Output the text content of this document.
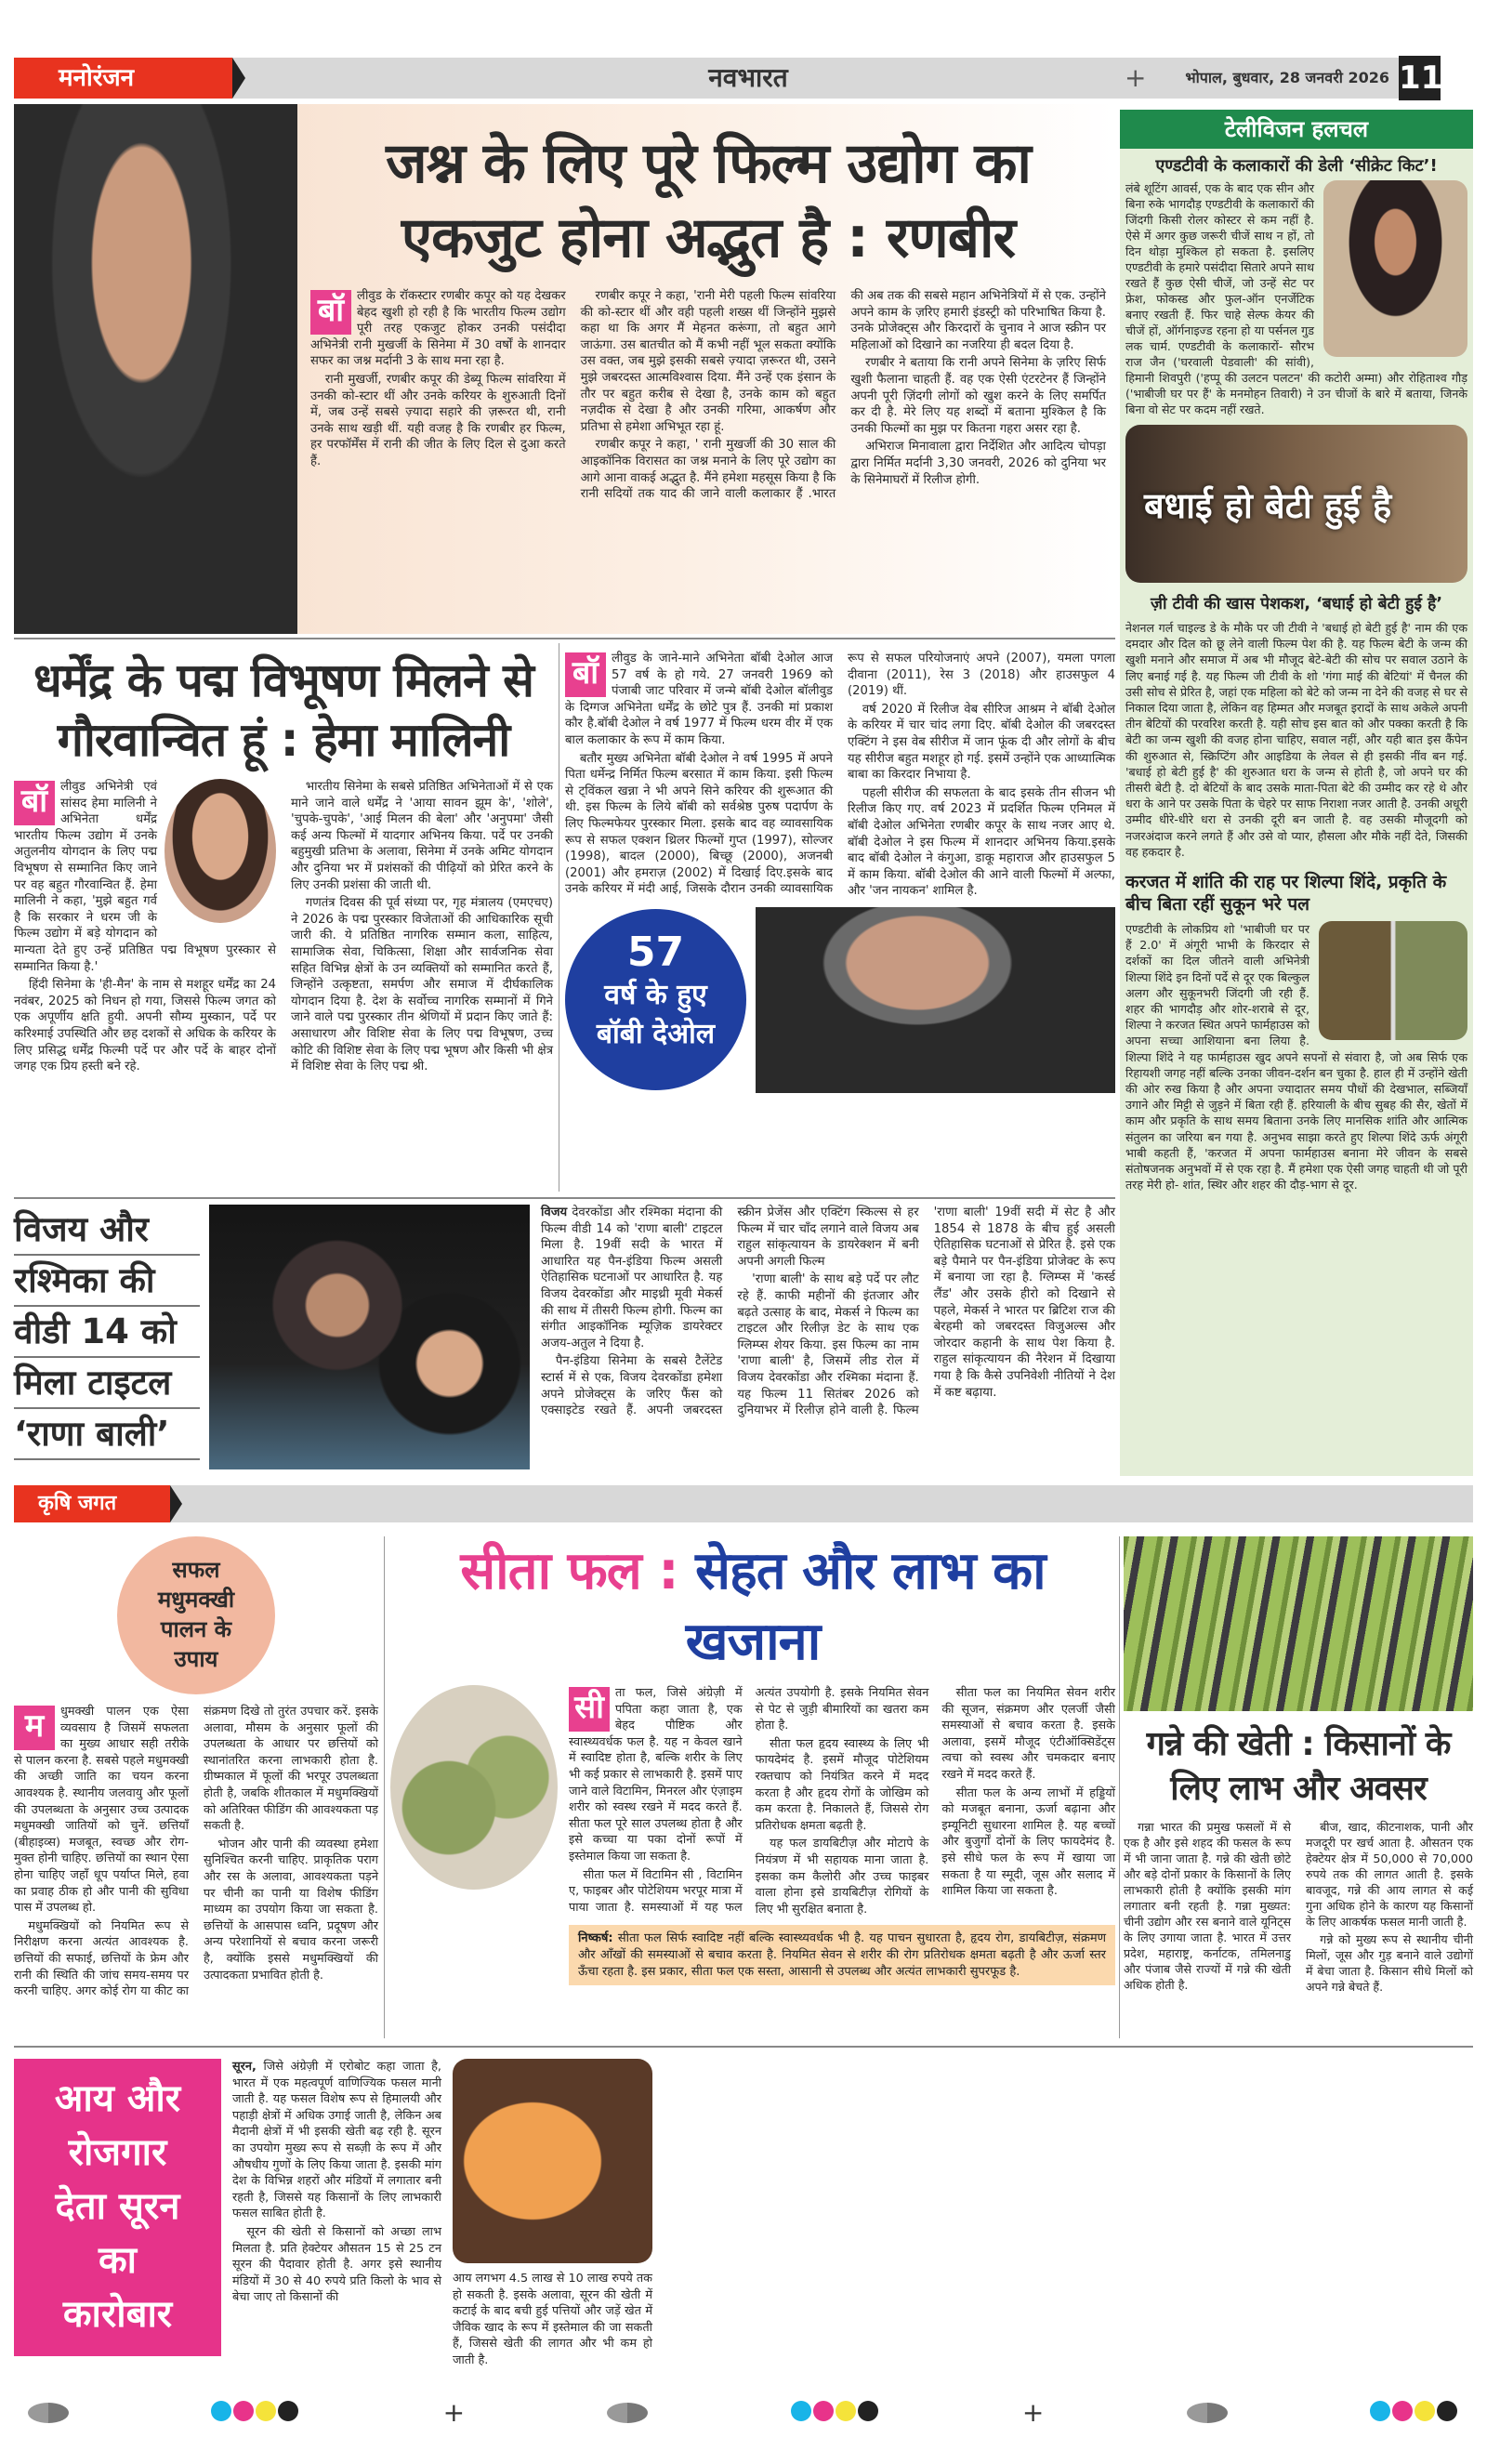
मनोरंजन	नवभारत	+	भोपाल, बुधवार, 28 जनवरी 2026 11
जश्न के लिए पूरे फिल्म उद्योग का
एकजुट होना अद्भुत है : रणबीर
बॉ	लीवुड के रॉकस्टार रणबीर कपूर को यह देखकर बेहद खुशी हो रही है कि भारतीय फिल्म उद्योग पूरी तरह एकजुट होकर उनकी पसंदीदा अभिनेत्री रानी मुखर्जी के सिनेमा में 30 वर्षों के शानदार सफर का जश्न मर्दानी 3 के साथ मना रहा है.

रानी मुखर्जी, रणबीर कपूर की डेब्यू फिल्म सांवरिया में उनकी को-स्टार थीं और उनके करियर के शुरुआती दिनों में, जब उन्हें सबसे ज़्यादा सहारे की ज़रूरत थी, रानी उनके साथ खड़ी थीं. यही वजह है कि रणबीर हर फिल्म, हर परफॉर्मेंस में रानी की जीत के लिए दिल से दुआ करते हैं.

रणबीर कपूर ने कहा, 'रानी मेरी पहली फिल्म सांवरिया की को-स्टार थीं और वही पहली शख्स थीं जिन्होंने मुझसे कहा था कि अगर मैं मेहनत करूंगा, तो बहुत आगे जाऊंगा. उस बातचीत को मैं कभी नहीं भूल सकता क्योंकि उस वक्त, जब मुझे इसकी सबसे ज़्यादा ज़रूरत थी, उसने मुझे जबरदस्त आत्मविश्वास दिया. मैंने उन्हें एक इंसान के तौर पर बहुत करीब से देखा है, उनके काम को बहुत नज़दीक से देखा है और उनकी गरिमा, आकर्षण और प्रतिभा से हमेशा अभिभूत रहा हूं.

रणबीर कपूर ने कहा, ' रानी मुखर्जी की 30 साल की आइकॉनिक विरासत का जश्न मनाने के लिए पूरे उद्योग का आगे आना वाकई अद्भुत है. मैंने हमेशा महसूस किया है कि रानी सदियों तक याद की जाने वाली कलाकार हैं .भारत की अब तक की सबसे महान अभिनेत्रियों में से एक. उन्होंने अपने काम के ज़रिए हमारी इंडस्ट्री को परिभाषित किया है. उनके प्रोजेक्ट्स और किरदारों के चुनाव ने आज स्क्रीन पर महिलाओं को दिखाने का नजरिया ही बदल दिया है.

रणबीर ने बताया कि रानी अपने सिनेमा के ज़रिए सिर्फ खुशी फैलाना चाहती हैं. वह एक ऐसी एंटरटेनर हैं जिन्होंने अपनी पूरी ज़िंदगी लोगों को खुश करने के लिए समर्पित कर दी है. मेरे लिए यह शब्दों में बताना मुश्किल है कि उनकी फिल्मों का मुझ पर कितना गहरा असर रहा है.

अभिराज मिनावाला द्वारा निर्देशित और आदित्य चोपड़ा द्वारा निर्मित मर्दानी 3,30 जनवरी, 2026 को दुनिया भर के सिनेमाघरों में रिलीज होगी.

धर्मेंद्र के पद्म विभूषण मिलने से
गौरवान्वित हूं : हेमा मालिनी
बॉ	लीवुड अभिनेत्री एवं सांसद हेमा मालिनी ने अभिनेता धर्मेंद्र भारतीय फिल्म उद्योग में उनके अतुलनीय योगदान के लिए पद्म विभूषण से सम्मानित किए जाने पर वह बहुत गौरवान्वित हैं. हेमा मालिनी ने कहा, 'मुझे बहुत गर्व है कि सरकार ने धरम जी के फिल्म उद्योग में बड़े योगदान को मान्यता देते हुए उन्हें प्रतिष्ठित पद्म विभूषण पुरस्कार से सम्मानित किया है.'

हिंदी सिनेमा के 'ही-मैन' के नाम से मशहूर धर्मेंद्र का 24 नवंबर, 2025 को निधन हो गया, जिससे फिल्म जगत को एक अपूर्णीय क्षति हुयी. अपनी सौम्य मुस्कान, पर्दे पर करिश्माई उपस्थिति और छह दशकों से अधिक के करियर के लिए प्रसिद्ध धर्मेंद्र फिल्मी पर्दे पर और पर्दे के बाहर दोनों जगह एक प्रिय हस्ती बने रहे.

भारतीय सिनेमा के सबसे प्रतिष्ठित अभिनेताओं में से एक माने जाने वाले धर्मेंद्र ने 'आया सावन झूम के', 'शोले', 'चुपके-चुपके', 'आई मिलन की बेला' और 'अनुपमा' जैसी कई अन्य फिल्मों में यादगार अभिनय किया. पर्दे पर उनकी बहुमुखी प्रतिभा के अलावा, सिनेमा में उनके अमिट योगदान और दुनिया भर में प्रशंसकों की पीढ़ियों को प्रेरित करने के लिए उनकी प्रशंसा की जाती थी.

गणतंत्र दिवस की पूर्व संध्या पर, गृह मंत्रालय (एमएचए) ने 2026 के पद्म पुरस्कार विजेताओं की आधिकारिक सूची जारी की. ये प्रतिष्ठित नागरिक सम्मान कला, साहित्य, सामाजिक सेवा, चिकित्सा, शिक्षा और सार्वजनिक सेवा सहित विभिन्न क्षेत्रों के उन व्यक्तियों को सम्मानित करते हैं, जिन्होंने उत्कृष्टता, समर्पण और समाज में दीर्घकालिक योगदान दिया है. देश के सर्वोच्च नागरिक सम्मानों में गिने जाने वाले पद्म पुरस्कार तीन श्रेणियों में प्रदान किए जाते हैं: असाधारण और विशिष्ट सेवा के लिए पद्म विभूषण, उच्च कोटि की विशिष्ट सेवा के लिए पद्म भूषण और किसी भी क्षेत्र में विशिष्ट सेवा के लिए पद्म श्री.

बॉ	लीवुड के जाने-माने अभिनेता बॉबी देओल आज 57 वर्ष के हो गये. 27 जनवरी 1969 को पंजाबी जाट परिवार में जन्मे बॉबी देओल बॉलीवुड के दिग्गज अभिनेता धर्मेंद्र के छोटे पुत्र हैं. उनकी मां प्रकाश कौर है.बॉबी देओल ने वर्ष 1977 में फिल्म धरम वीर में एक बाल कलाकार के रूप में काम किया.

बतौर मुख्य अभिनेता बॉबी देओल ने वर्ष 1995 में अपने पिता धर्मेन्द्र निर्मित फिल्म बरसात में काम किया. इसी फिल्म से ट्विंकल खन्ना ने भी अपने सिने करियर की शुरूआत की थी. इस फिल्म के लिये बॉबी को सर्वश्रेष्ठ पुरुष पदार्पण के लिए फिल्मफेयर पुरस्कार मिला. इसके बाद वह व्यावसायिक रूप से सफल एक्शन थ्रिलर फिल्मों गुप्त (1997), सोल्जर (1998), बादल (2000), बिच्छू (2000), अजनबी (2001) और हमराज़ (2002) में दिखाई दिए.इसके बाद उनके करियर में मंदी आई, जिसके दौरान उनकी व्यावसायिक रूप से सफल परियोजनाएं अपने (2007), यमला पगला दीवाना (2011), रेस 3 (2018) और हाउसफुल 4 (2019) थीं.

वर्ष 2020 में रिलीज वेब सीरिज आश्रम ने बॉबी देओल के करियर में चार चांद लगा दिए. बॉबी देओल की जबरदस्त एक्टिंग ने इस वेब सीरीज में जान फूंक दी और लोगों के बीच यह सीरीज बहुत मशहूर हो गई. इसमें उन्होंने एक आध्यात्मिक बाबा का किरदार निभाया है.

पहली सीरीज की सफलता के बाद इसके तीन सीजन भी रिलीज किए गए. वर्ष 2023 में प्रदर्शित फिल्म एनिमल में बॉबी देओल अभिनेता रणबीर कपूर के साथ नजर आए थे. बॉबी देओल ने इस फिल्म में शानदार अभिनय किया.इसके बाद बॉबी देओल ने कंगुआ, डाकू महाराज और हाउसफुल 5 में काम किया. बॉबी देओल की आने वाली फिल्मों में अल्फा, और 'जन नायकन' शामिल है.

57
वर्ष के हुए
बॉबी देओल
विजय और
रश्मिका की
वीडी 14 को
मिला टाइटल
‘राणा बाली’

विजय देवरकोंडा और रश्मिका मंदाना की फिल्म वीडी 14 को 'राणा बाली' टाइटल मिला है. 19वीं सदी के भारत में आधारित यह पैन-इंडिया फिल्म असली ऐतिहासिक घटनाओं पर आधारित है. यह विजय देवरकोंडा और माइथ्री मूवी मेकर्स की साथ में तीसरी फिल्म होगी. फिल्म का संगीत आइकॉनिक म्यूज़िक डायरेक्टर अजय-अतुल ने दिया है.

पैन-इंडिया सिनेमा के सबसे टैलेंटेड स्टार्स में से एक, विजय देवरकोंडा हमेशा अपने प्रोजेक्ट्स के जरिए फैंस को एक्साइटेड रखते हैं. अपनी जबरदस्त स्क्रीन प्रेजेंस और एक्टिंग स्किल्स से हर फिल्म में चार चाँद लगाने वाले विजय अब राहुल सांकृत्यायन के डायरेक्शन में बनी अपनी अगली फिल्म

'राणा बाली' के साथ बड़े पर्दे पर लौट रहे हैं. काफी महीनों की इंतजार और बढ़ते उत्साह के बाद, मेकर्स ने फिल्म का टाइटल और रिलीज़ डेट के साथ एक ग्लिम्प्स शेयर किया. इस फिल्म का नाम 'राणा बाली' है, जिसमें लीड रोल में विजय देवरकोंडा और रश्मिका मंदाना हैं. यह फिल्म 11 सितंबर 2026 को दुनियाभर में रिलीज़ होने वाली है. फिल्म 'राणा बाली' 19वीं सदी में सेट है और 1854 से 1878 के बीच हुई असली ऐतिहासिक घटनाओं से प्रेरित है. इसे एक बड़े पैमाने पर पैन-इंडिया प्रोजेक्ट के रूप में बनाया जा रहा है. ग्लिम्प्स में 'कर्स्ड लैंड' और उसके हीरो को दिखाने से पहले, मेकर्स ने भारत पर ब्रिटिश राज की बेरहमी को जबरदस्त विजुअल्स और जोरदार कहानी के साथ पेश किया है. राहुल सांकृत्यायन की नैरेशन में दिखाया गया है कि कैसे उपनिवेशी नीतियों ने देश में कष्ट बढ़ाया.

टेलीविजन हलचल
एण्डटीवी के कलाकारों की डेली ‘सीक्रेट किट’!

लंबे शूटिंग आवर्स, एक के बाद एक सीन और बिना रुके भागदौड़ एण्डटीवी के कलाकारों की जिंदगी किसी रोलर कोस्टर से कम नहीं है. ऐसे में अगर कुछ जरूरी चीजें साथ न हों, तो दिन थोड़ा मुश्किल हो सकता है. इसलिए एण्डटीवी के हमारे पसंदीदा सितारे अपने साथ रखते हैं कुछ ऐसी चीजें, जो उन्हें सेट पर फ्रेश, फोकस्ड और फुल-ऑन एनर्जेटिक बनाए रखती हैं. फिर चाहे सेल्फ केयर की चीजें हों, ऑर्गनाइज्ड रहना हो या पर्सनल गुड लक चार्म. एण्डटीवी के कलाकारों- सौरभ राज जैन ('घरवाली पेडवाली' की सांवी), हिमानी शिवपुरी ('हप्पू की उलटन पलटन' की कटोरी अम्मा) और रोहिताश्व गौड़ ('भाबीजी घर पर हैं' के मनमोहन तिवारी) ने उन चीजों के बारे में बताया, जिनके बिना वो सेट पर कदम नहीं रखते.

बधाई हो बेटी हुई है
ज़ी टीवी की खास पेशकश, ‘बधाई हो बेटी हुई है’

नेशनल गर्ल चाइल्ड डे के मौके पर जी टीवी ने 'बधाई हो बेटी हुई है' नाम की एक दमदार और दिल को छू लेने वाली फिल्म पेश की है. यह फिल्म बेटी के जन्म की खुशी मनाने और समाज में अब भी मौजूद बेटे-बेटी की सोच पर सवाल उठाने के लिए बनाई गई है. यह फिल्म जी टीवी के शो 'गंगा माई की बेटियां' में चैनल की उसी सोच से प्रेरित है, जहां एक महिला को बेटे को जन्म ना देने की वजह से घर से निकाल दिया जाता है, लेकिन वह हिम्मत और मजबूत इरादों के साथ अकेले अपनी तीन बेटियों की परवरिश करती है. यही सोच इस बात को और पक्का करती है कि बेटी का जन्म खुशी की वजह होना चाहिए, सवाल नहीं, और यही बात इस कैंपेन की शुरुआत से, स्क्रिप्टिंग और आइडिया के लेवल से ही इसकी नींव बन गई. 'बधाई हो बेटी हुई है' की शुरुआत धरा के जन्म से होती है, जो अपने घर की तीसरी बेटी है. दो बेटियों के बाद उसके माता-पिता बेटे की उम्मीद कर रहे थे और धरा के आने पर उसके पिता के चेहरे पर साफ निराशा नजर आती है. उनकी अधूरी उम्मीद धीरे-धीरे धरा से उनकी दूरी बन जाती है. वह उसकी मौजूदगी को नजरअंदाज करने लगते हैं और उसे वो प्यार, हौसला और मौके नहीं देते, जिसकी वह हकदार है.

करजत में शांति की राह पर शिल्पा शिंदे, प्रकृति के बीच बिता रहीं सुकून भरे पल

एण्डटीवी के लोकप्रिय शो 'भाबीजी घर पर हैं 2.0' में अंगूरी भाभी के किरदार से दर्शकों का दिल जीतने वाली अभिनेत्री शिल्पा शिंदे इन दिनों पर्दे से दूर एक बिल्कुल अलग और सुकूनभरी जिंदगी जी रही हैं. शहर की भागदौड़ और शोर-शराबे से दूर, शिल्पा ने करजत स्थित अपने फार्महाउस को अपना सच्चा आशियाना बना लिया है. शिल्पा शिंदे ने यह फार्महाउस खुद अपने सपनों से संवारा है, जो अब सिर्फ एक रिहायशी जगह नहीं बल्कि उनका जीवन-दर्शन बन चुका है. हाल ही में उन्होंने खेती की ओर रुख किया है और अपना ज्यादातर समय पौधों की देखभाल, सब्जियाँ उगाने और मिट्टी से जुड़ने में बिता रही हैं. हरियाली के बीच सुबह की सैर, खेतों में काम और प्रकृति के साथ समय बिताना उनके लिए मानसिक शांति और आत्मिक संतुलन का जरिया बन गया है. अनुभव साझा करते हुए शिल्पा शिंदे ऊर्फ अंगूरी भाबी कहती हैं, 'करजत में अपना फार्महाउस बनाना मेरे जीवन के सबसे संतोषजनक अनुभवों में से एक रहा है. मैं हमेशा एक ऐसी जगह चाहती थी जो पूरी तरह मेरी हो- शांत, स्थिर और शहर की दौड़-भाग से दूर.

कृषि जगत
सफल
मधुमक्खी
पालन के
उपाय
म	धुमक्खी पालन एक ऐसा व्यवसाय है जिसमें सफलता का मुख्य आधार सही तरीके से पालन करना है. सबसे पहले मधुमक्खी की अच्छी जाति का चयन करना आवश्यक है. स्थानीय जलवायु और फूलों की उपलब्धता के अनुसार उच्च उत्पादक मधुमक्खी जातियों को चुनें. छत्तियाँ (बीहाइव्स) मजबूत, स्वच्छ और रोग-मुक्त होनी चाहिए. छत्तियों का स्थान ऐसा होना चाहिए जहाँ धूप पर्याप्त मिले, हवा का प्रवाह ठीक हो और पानी की सुविधा पास में उपलब्ध हो.

मधुमक्खियों को नियमित रूप से निरीक्षण करना अत्यंत आवश्यक है. छत्तियों की सफाई, छत्तियों के फ्रेम और रानी की स्थिति की जांच समय-समय पर करनी चाहिए. अगर कोई रोग या कीट का संक्रमण दिखे तो तुरंत उपचार करें. इसके अलावा, मौसम के अनुसार फूलों की उपलब्धता के आधार पर छत्तियों को स्थानांतरित करना लाभकारी होता है. ग्रीष्मकाल में फूलों की भरपूर उपलब्धता होती है, जबकि शीतकाल में मधुमक्खियों को अतिरिक्त फीडिंग की आवश्यकता पड़ सकती है.

भोजन और पानी की व्यवस्था हमेशा सुनिश्चित करनी चाहिए. प्राकृतिक पराग और रस के अलावा, आवश्यकता पड़ने पर चीनी का पानी या विशेष फीडिंग माध्यम का उपयोग किया जा सकता है. छत्तियों के आसपास ध्वनि, प्रदूषण और अन्य परेशानियों से बचाव करना जरूरी है, क्योंकि इससे मधुमक्खियों की उत्पादकता प्रभावित होती है.

सीता फल : सेहत और लाभ का खजाना
सी ता फल, जिसे अंग्रेज़ी में पपिता कहा जाता है, एक बेहद पौष्टिक और स्वास्थ्यवर्धक फल है. यह न केवल खाने में स्वादिष्ट होता है, बल्कि शरीर के लिए भी कई प्रकार से लाभकारी है. इसमें पाए जाने वाले विटामिन, मिनरल और एंज़ाइम शरीर को स्वस्थ रखने में मदद करते हैं. सीता फल पूरे साल उपलब्ध होता है और इसे कच्चा या पका दोनों रूपों में इस्तेमाल किया जा सकता है.

सीता फल में विटामिन सी , विटामिन ए, फाइबर और पोटेशियम भरपूर मात्रा में पाया जाता है. समस्याओं में यह फल अत्यंत उपयोगी है. इसके नियमित सेवन से पेट से जुड़ी बीमारियों का खतरा कम होता है.

सीता फल हृदय स्वास्थ्य के लिए भी फायदेमंद है. इसमें मौजूद पोटेशियम रक्तचाप को नियंत्रित करने में मदद करता है और हृदय रोगों के जोखिम को कम करता है. निकालते हैं, जिससे रोग प्रतिरोधक क्षमता बढ़ती है.

यह फल डायबिटीज़ और मोटापे के नियंत्रण में भी सहायक माना जाता है. इसका कम कैलोरी और उच्च फाइबर वाला होना इसे डायबिटीज़ रोगियों के लिए भी सुरक्षित बनाता है.

सीता फल का नियमित सेवन शरीर की सूजन, संक्रमण और एलर्जी जैसी समस्याओं से बचाव करता है. इसके अलावा, इसमें मौजूद एंटीऑक्सिडेंट्स त्वचा को स्वस्थ और चमकदार बनाए रखने में मदद करते हैं.

सीता फल के अन्य लाभों में हड्डियों को मजबूत बनाना, ऊर्जा बढ़ाना और इम्यूनिटी सुधारना शामिल है. यह बच्चों और बुजुर्गों दोनों के लिए फायदेमंद है. इसे सीधे फल के रूप में खाया जा सकता है या स्मूदी, जूस और सलाद में शामिल किया जा सकता है.

निष्कर्ष: सीता फल सिर्फ स्वादिष्ट नहीं बल्कि स्वास्थ्यवर्धक भी है. यह पाचन सुधारता है, हृदय रोग, डायबिटीज़, संक्रमण और आँखों की समस्याओं से बचाव करता है. नियमित सेवन से शरीर की रोग प्रतिरोधक क्षमता बढ़ती है और ऊर्जा स्तर ऊँचा रहता है. इस प्रकार, सीता फल एक सस्ता, आसानी से उपलब्ध और अत्यंत लाभकारी सुपरफूड है.
गन्ने की खेती : किसानों के
लिए लाभ और अवसर

गन्ना भारत की प्रमुख फसलों में से एक है और इसे शहद की फसल के रूप में भी जाना जाता है. गन्ने की खेती छोटे और बड़े दोनों प्रकार के किसानों के लिए लाभकारी होती है क्योंकि इसकी मांग लगातार बनी रहती है. गन्ना मुख्यत: चीनी उद्योग और रस बनाने वाले यूनिट्स के लिए उगाया जाता है. भारत में उत्तर प्रदेश, महाराष्ट्र, कर्नाटक, तमिलनाडु और पंजाब जैसे राज्यों में गन्ने की खेती अधिक होती है.

बीज, खाद, कीटनाशक, पानी और मजदूरी पर खर्च आता है. औसतन एक हेक्टेयर क्षेत्र में 50,000 से 70,000 रुपये तक की लागत आती है. इसके बावजूद, गन्ने की आय लागत से कई गुना अधिक होने के कारण यह किसानों के लिए आकर्षक फसल मानी जाती है.

गन्ने को मुख्य रूप से स्थानीय चीनी मिलों, जूस और गुड़ बनाने वाले उद्योगों में बेचा जाता है. किसान सीधे मिलों को अपने गन्ने बेचते हैं.

आय और
रोजगार
देता सूरन
का
कारोबार

सूरन, जिसे अंग्रेज़ी में एरोबोट कहा जाता है, भारत में एक महत्वपूर्ण वाणिज्यिक फसल मानी जाती है. यह फसल विशेष रूप से हिमालयी और पहाड़ी क्षेत्रों में अधिक उगाई जाती है, लेकिन अब मैदानी क्षेत्रों में भी इसकी खेती बढ़ रही है. सूरन का उपयोग मुख्य रूप से सब्ज़ी के रूप में और औषधीय गुणों के लिए किया जाता है. इसकी मांग देश के विभिन्न शहरों और मंडियों में लगातार बनी रहती है, जिससे यह किसानों के लिए लाभकारी फसल साबित होती है.

सूरन की खेती से किसानों को अच्छा लाभ मिलता है. प्रति हेक्टेयर औसतन 15 से 25 टन सूरन की पैदावार होती है. अगर इसे स्थानीय मंडियों में 30 से 40 रुपये प्रति किलो के भाव से बेचा जाए तो किसानों की

आय लगभग 4.5 लाख से 10 लाख रुपये तक हो सकती है. इसके अलावा, सूरन की खेती में कटाई के बाद बची हुई पत्तियों और जड़ें खेत में जैविक खाद के रूप में इस्तेमाल की जा सकती हैं, जिससे खेती की लागत और भी कम हो जाती है.

+	+
